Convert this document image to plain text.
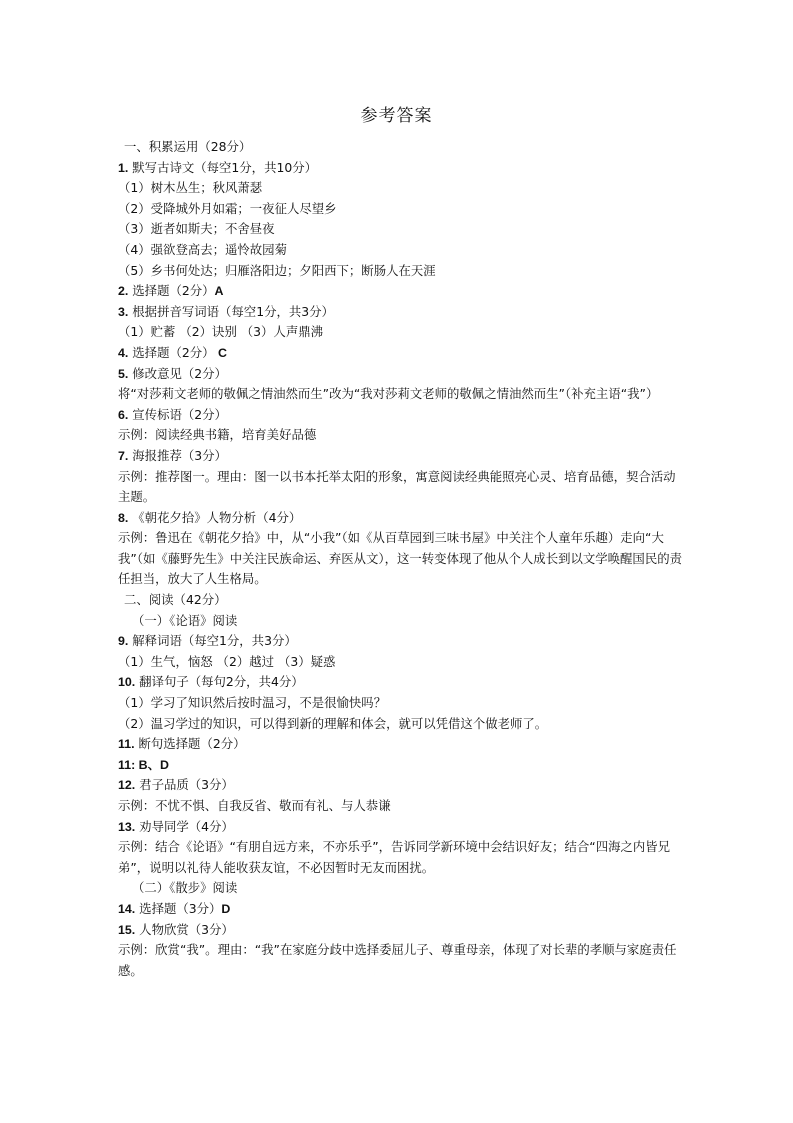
参考答案
一、积累运用（28分）
1. 默写古诗文（每空1分，共10分）
（1）树木丛生；秋风萧瑟
（2）受降城外月如霜；一夜征人尽望乡
（3）逝者如斯夫；不舍昼夜
（4）强欲登高去；遥怜故园菊
（5）乡书何处达；归雁洛阳边；夕阳西下；断肠人在天涯
2. 选择题（2分）A
3. 根据拼音写词语（每空1分，共3分）
（1）贮蓄 （2）诀别 （3）人声鼎沸
4. 选择题（2分） C
5. 修改意见（2分）
将“对莎莉文老师的敬佩之情油然而生”改为“我对莎莉文老师的敬佩之情油然而生”（补充主语“我”）
6. 宣传标语（2分）
示例：阅读经典书籍，培育美好品德
7. 海报推荐（3分）
示例：推荐图一。理由：图一以书本托举太阳的形象，寓意阅读经典能照亮心灵、培育品德，契合活动主题。
8. 《朝花夕拾》人物分析（4分）
示例：鲁迅在《朝花夕拾》中，从“小我”（如《从百草园到三味书屋》中关注个人童年乐趣）走向“大我”（如《藤野先生》中关注民族命运、弃医从文），这一转变体现了他从个人成长到以文学唤醒国民的责任担当，放大了人生格局。
二、阅读（42分）
（一）《论语》阅读
9. 解释词语（每空1分，共3分）
（1）生气，恼怒 （2）越过 （3）疑惑
10. 翻译句子（每句2分，共4分）
（1）学习了知识然后按时温习，不是很愉快吗？
（2）温习学过的知识，可以得到新的理解和体会，就可以凭借这个做老师了。
11. 断句选择题（2分）
11: B、D
12. 君子品质（3分）
示例：不忧不惧、自我反省、敬而有礼、与人恭谦
13. 劝导同学（4分）
示例：结合《论语》“有朋自远方来，不亦乐乎”，告诉同学新环境中会结识好友；结合“四海之内皆兄弟”，说明以礼待人能收获友谊，不必因暂时无友而困扰。
（二）《散步》阅读
14. 选择题（3分）D
15. 人物欣赏（3分）
示例：欣赏“我”。理由：“我”在家庭分歧中选择委屈儿子、尊重母亲，体现了对长辈的孝顺与家庭责任感。
